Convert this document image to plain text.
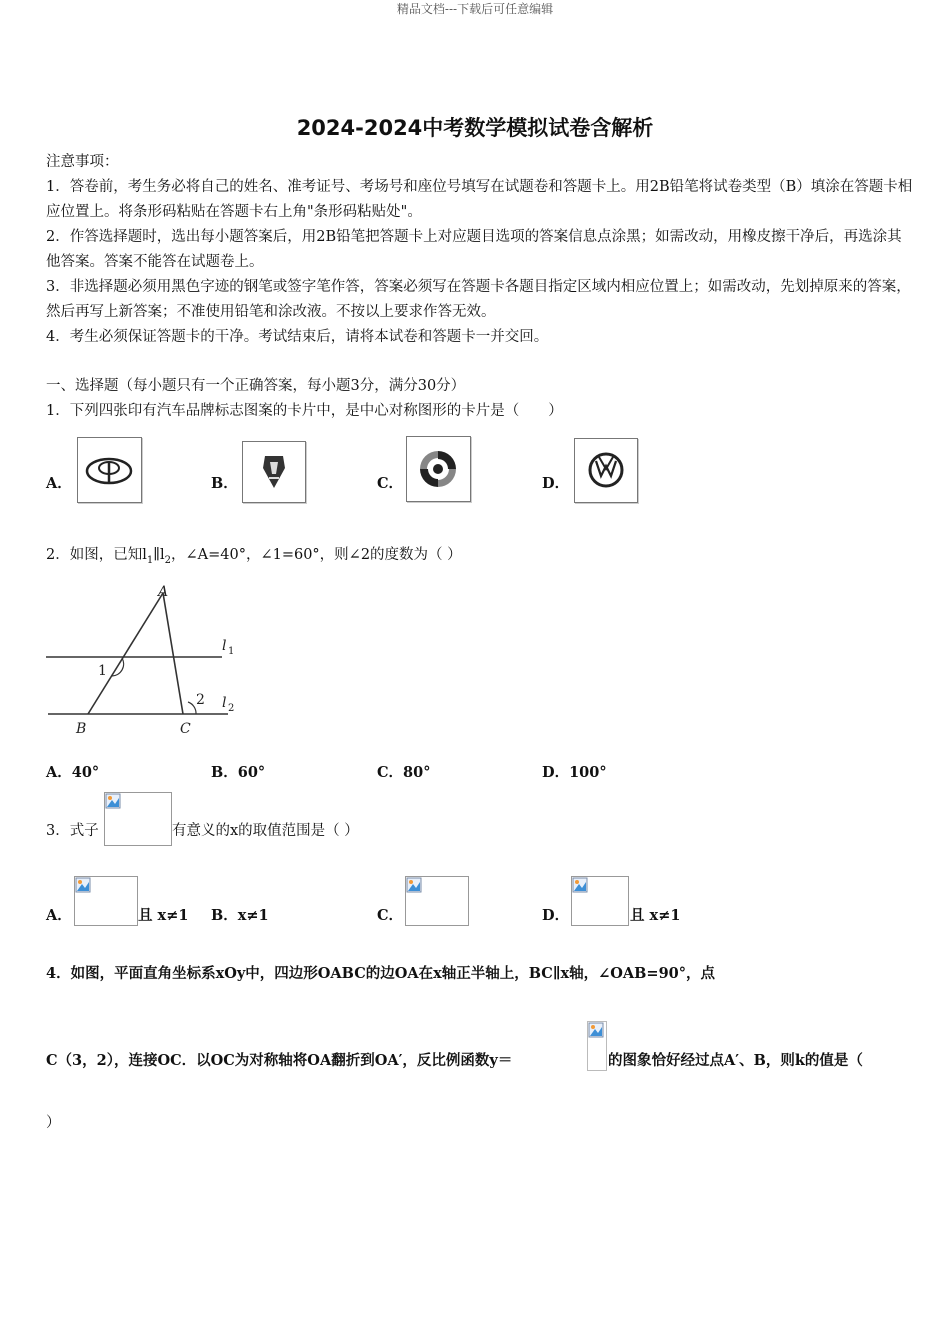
精品文档---下载后可任意编辑
2024-2024中考数学模拟试卷含解析
注意事项：
1．答卷前，考生务必将自己的姓名、准考证号、考场号和座位号填写在试题卷和答题卡上。用2B铅笔将试卷类型（B）填涂在答题卡相应位置上。将条形码粘贴在答题卡右上角"条形码粘贴处"。
2．作答选择题时，选出每小题答案后，用2B铅笔把答题卡上对应题目选项的答案信息点涂黑；如需改动，用橡皮擦干净后，再选涂其他答案。答案不能答在试题卷上。
3．非选择题必须用黑色字迹的钢笔或签字笔作答，答案必须写在答题卡各题目指定区域内相应位置上；如需改动，先划掉原来的答案，然后再写上新答案；不准使用铅笔和涂改液。不按以上要求作答无效。
4．考生必须保证答题卡的干净。考试结束后，请将本试卷和答题卡一并交回。
一、选择题（每小题只有一个正确答案，每小题3分，满分30分）
1．下列四张印有汽车品牌标志图案的卡片中，是中心对称图形的卡片是（　　）
A．	B．	C．	D．
2．如图，已知$l_1\parallel l_2$，∠A=40°，∠1=60°，则∠2的度数为（ ）
A
B	C
1
2
l 1
l 2
A．40°	B．60°	C．80°	D．100°
3．式子	有意义的x的取值范围是（ ）
A．	且 x≠1 B．x≠1	C．	D．	且 x≠1
4．如图，平面直角坐标系xOy中，四边形OABC的边OA在x轴正半轴上，BC∥x轴，∠OAB=90°，点
C（3，2），连接OC．以OC为对称轴将OA翻折到OA′，反比例函数y＝	的图象恰好经过点A′、B，则k的值是（
）
